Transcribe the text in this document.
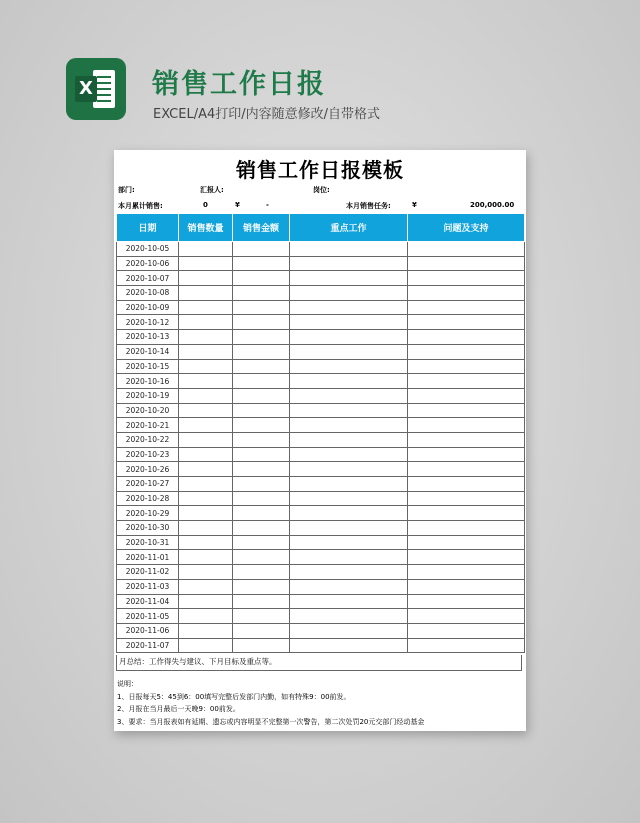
X 销售工作日报
EXCEL/A4打印/内容随意修改/自带格式
销售工作日报模板
部门:	汇报人:	岗位:
本月累计销售:	0	¥	-	本月销售任务:	¥	200,000.00
日期	销售数量	销售金额	重点工作	问题及支持
2020-10-05				
2020-10-06				
2020-10-07				
2020-10-08				
2020-10-09				
2020-10-12				
2020-10-13				
2020-10-14				
2020-10-15				
2020-10-16				
2020-10-19				
2020-10-20				
2020-10-21				
2020-10-22				
2020-10-23				
2020-10-26				
2020-10-27				
2020-10-28				
2020-10-29				
2020-10-30				
2020-10-31				
2020-11-01				
2020-11-02				
2020-11-03				
2020-11-04				
2020-11-05				
2020-11-06				
2020-11-07				
月总结：工作得失与建议、下月目标及重点等。
说明：
1、日报每天5：45到6：00填写完整后发部门内勤，如有特殊9：00前发。
2、月报在当月最后一天晚9：00前发。
3、要求：当月报表如有延期、遗忘或内容明显不完整第一次警告，第二次处罚20元交部门经动基金
